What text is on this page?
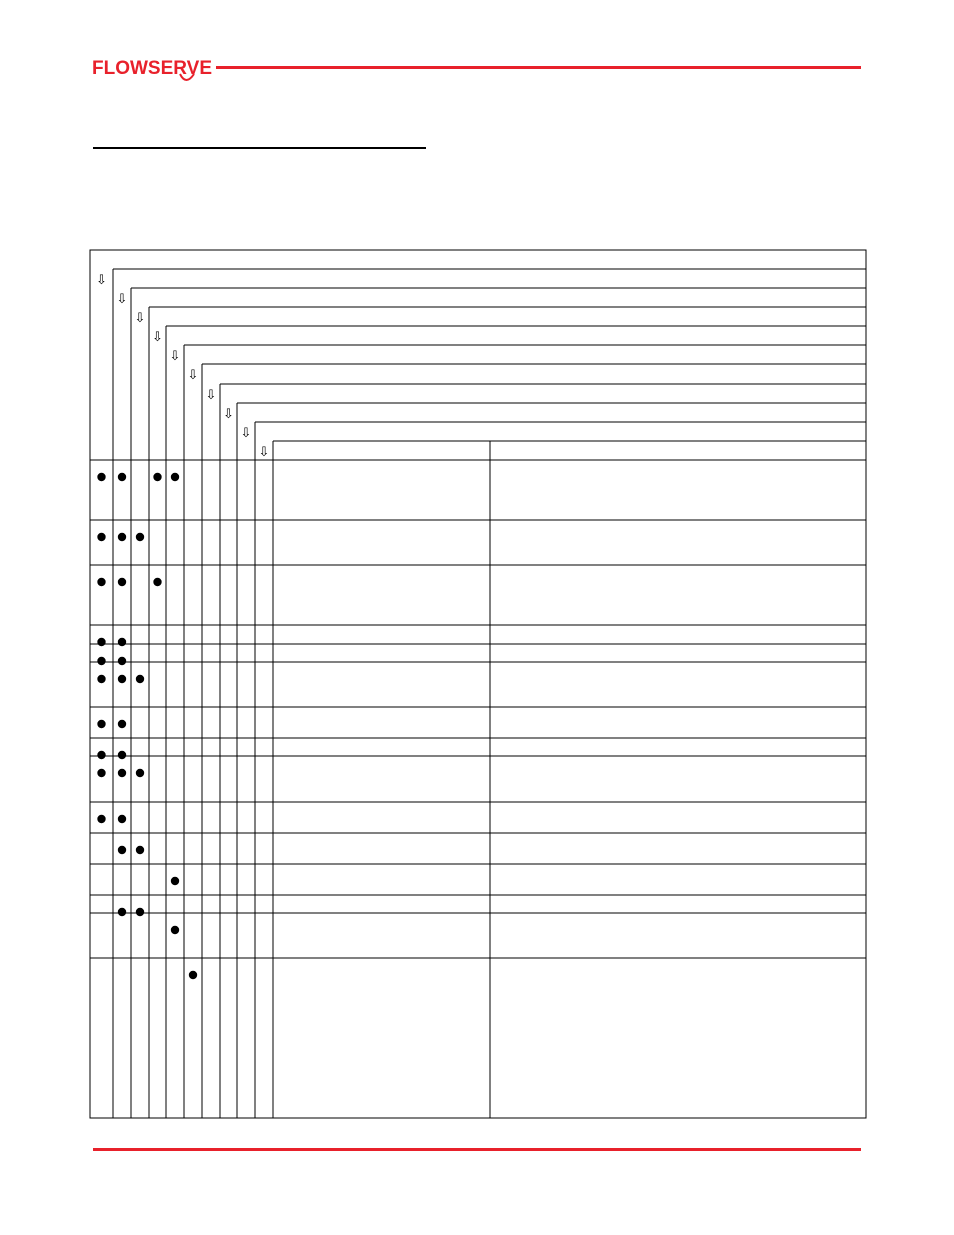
FLOWSERVE
⇩
⇩
⇩
⇩
⇩
⇩
⇩
⇩
⇩
⇩
